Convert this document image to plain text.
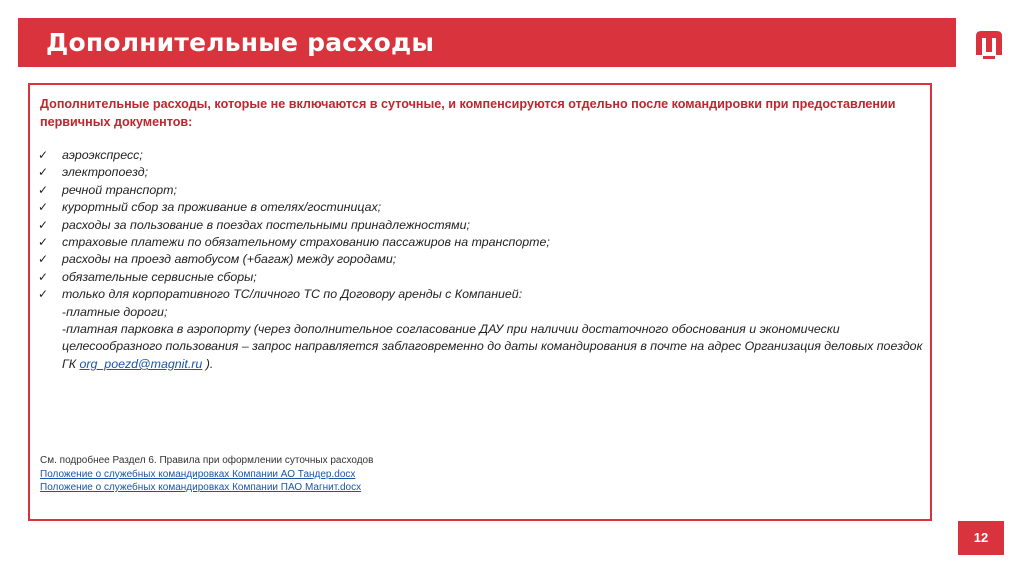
Дополнительные расходы
Дополнительные расходы, которые не включаются в суточные, и компенсируются отдельно после командировки при предоставлении первичных документов:
✓ аэроэкспресс;
✓ электропоезд;
✓ речной транспорт;
✓ курортный сбор за проживание в отелях/гостиницах;
✓ расходы за пользование в поездах постельными принадлежностями;
✓ страховые платежи по обязательному страхованию пассажиров на транспорте;
✓ расходы на проезд автобусом (+багаж) между городами;
✓ обязательные сервисные сборы;
✓ только для корпоративного ТС/личного ТС по Договору аренды с Компанией:
-платные дороги;
-платная парковка в аэропорту (через дополнительное согласование ДАУ при наличии достаточного обоснования и экономически целесообразного пользования – запрос направляется заблаговременно до даты командирования в почте на адрес Организация деловых поездок ГК org_poezd@magnit.ru ).
См. подробнее Раздел 6. Правила при оформлении суточных расходов
Положение о служебных командировках Компании АО Тандер.docx
Положение о служебных командировках Компании ПАО Магнит.docx
12
